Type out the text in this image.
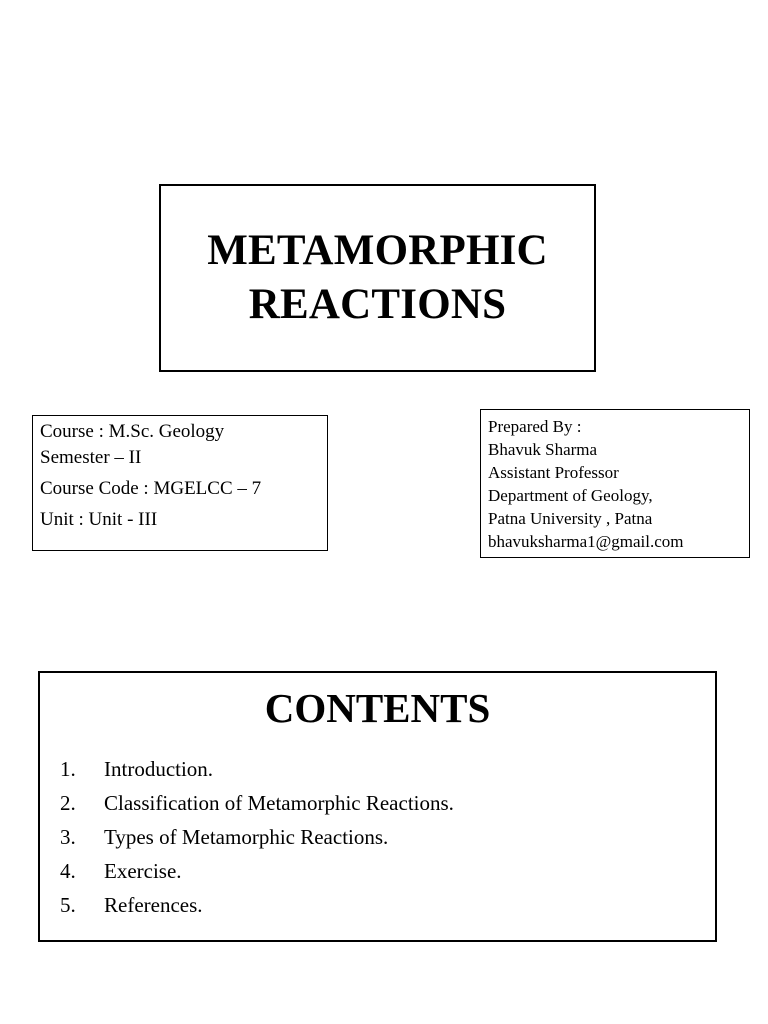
METAMORPHIC
REACTIONS
Course : M.Sc. Geology
Semester – II
Course Code : MGELCC – 7
Unit : Unit - III
Prepared By :
Bhavuk Sharma
Assistant Professor
Department of Geology,
Patna University , Patna
bhavuksharma1@gmail.com
CONTENTS
1.	Introduction.
2.	Classification of Metamorphic Reactions.
3.	Types of Metamorphic Reactions.
4.	Exercise.
5.	References.
